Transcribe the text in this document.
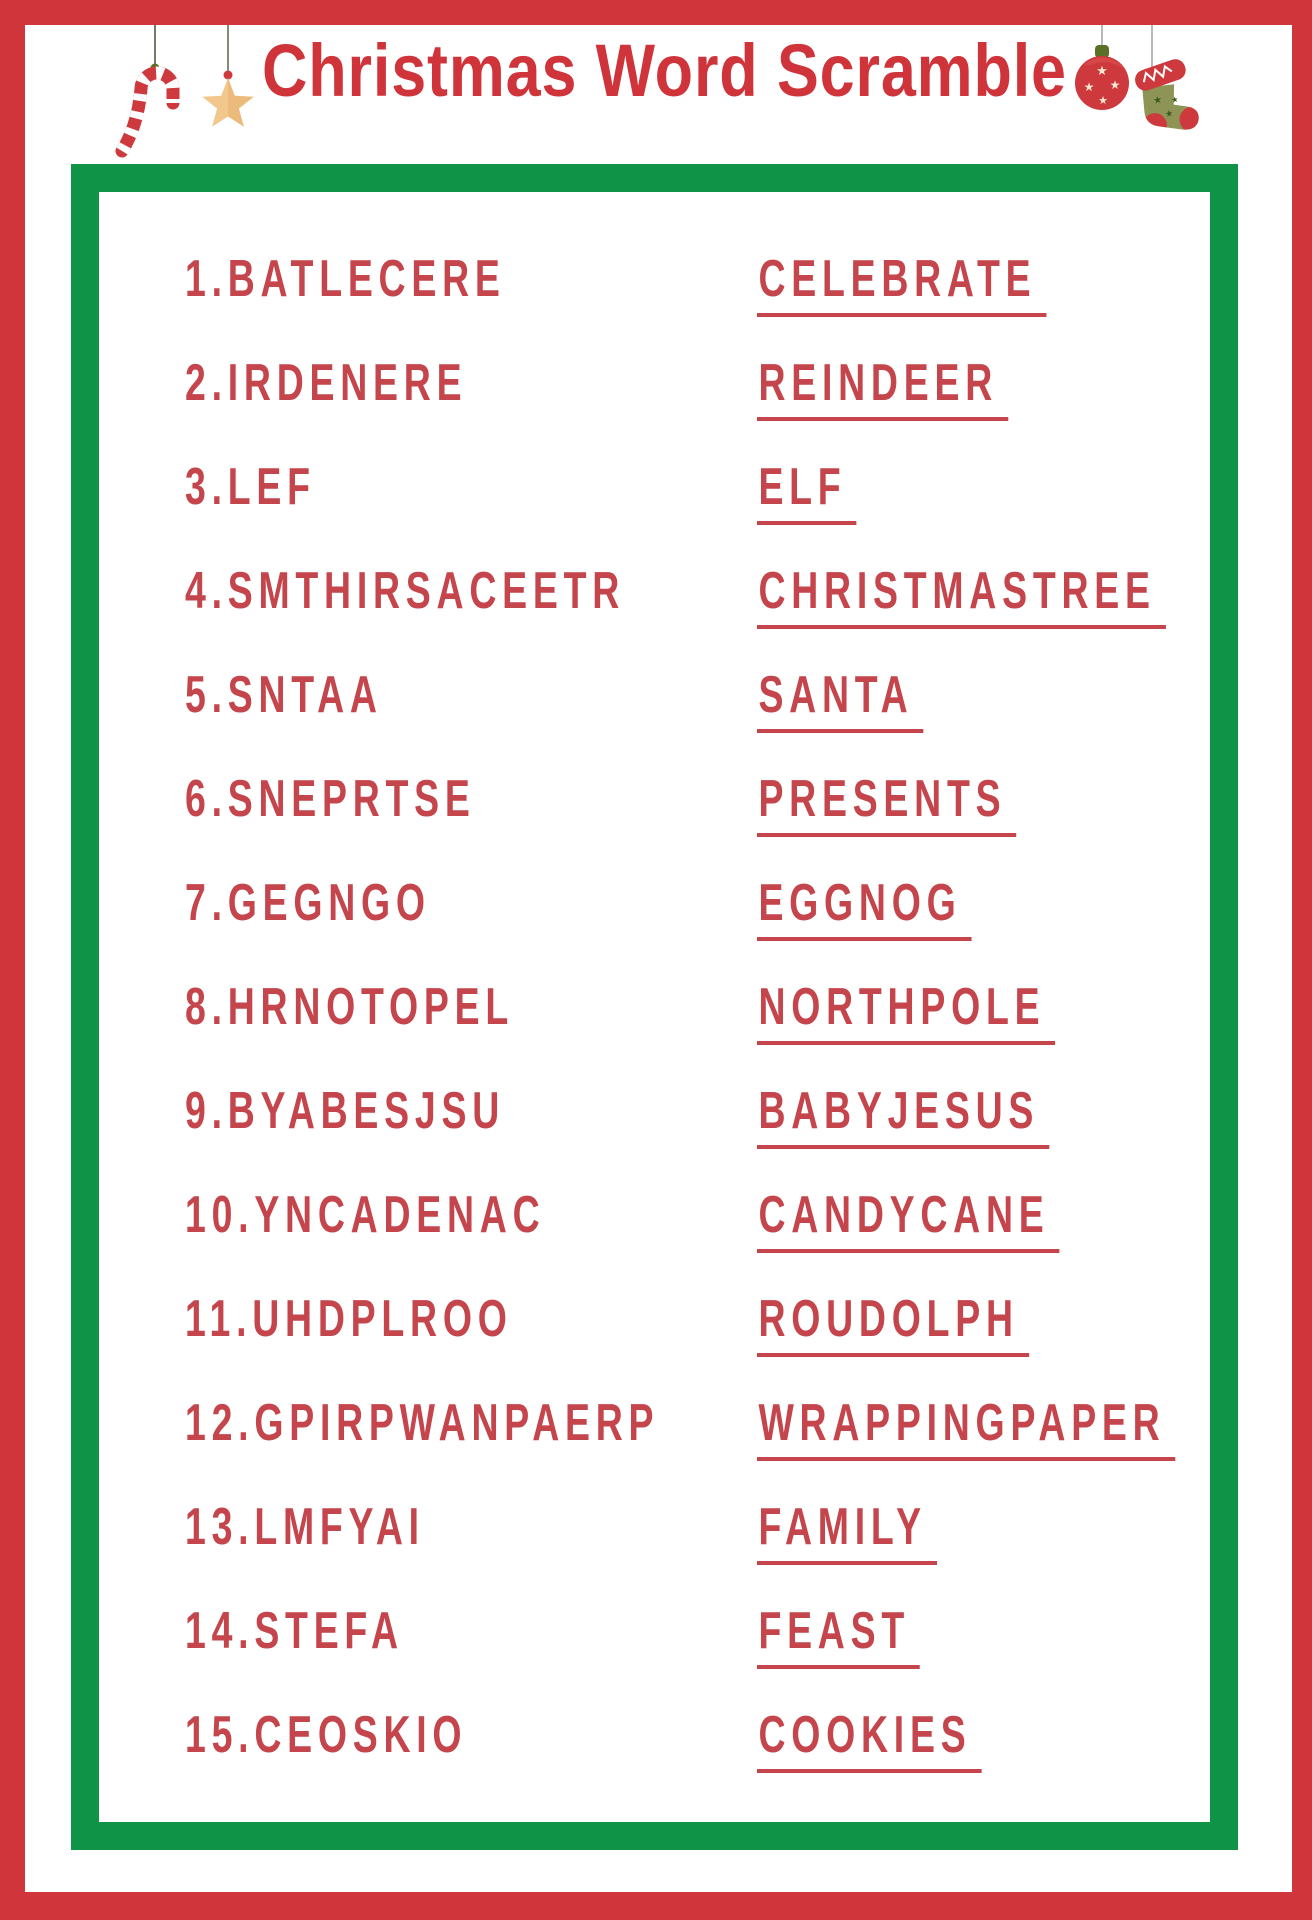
Christmas Word Scramble ★
★ ★
★	★ ★
★
1.BATLECERE	CELEBRATE
2.IRDENERE	REINDEER
3.LEF	ELF
4.SMTHIRSACEETR	CHRISTMASTREE
5.SNTAA	SANTA
6.SNEPRTSE	PRESENTS
7.GEGNGO	EGGNOG
8.HRNOTOPEL	NORTHPOLE
9.BYABESJSU	BABYJESUS
10.YNCADENAC	CANDYCANE
11.UHDPLROO	ROUDOLPH
12.GPIRPWANPAERP	WRAPPINGPAPER
13.LMFYAI	FAMILY
14.STEFA	FEAST
15.CEOSKIO	COOKIES
